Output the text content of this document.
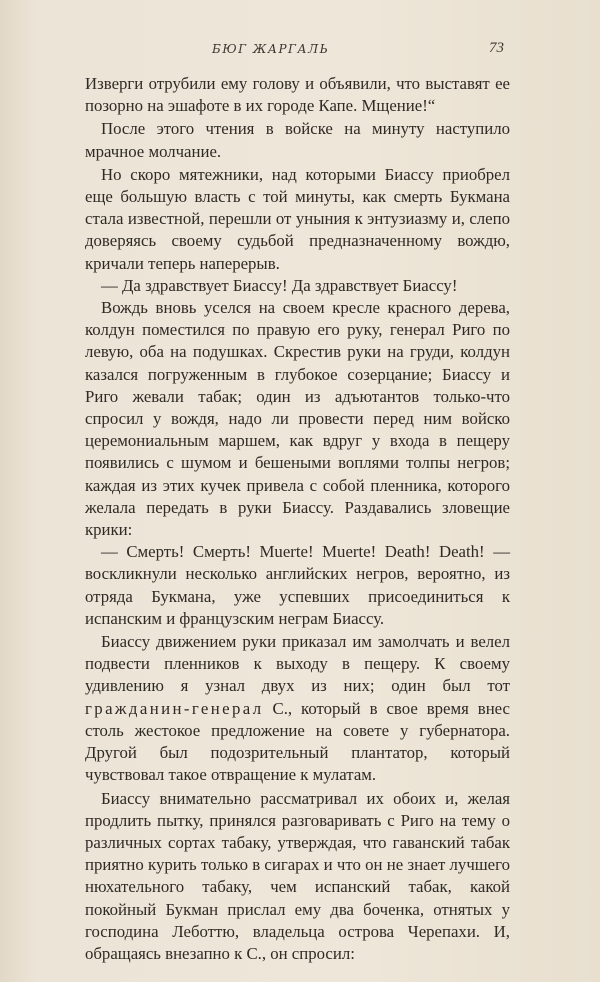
БЮГ ЖАРГАЛЬ	73

Изверги отрубили ему голову и объявили, что выставят ее позорно на эшафоте в их городе Капе. Мщение!“

После этого чтения в войске на минуту наступило мрачное молчание.

Но скоро мятежники, над которыми Биассу приобрел еще большую власть с той минуты, как смерть Букмана стала известной, перешли от уныния к энтузиазму и, слепо доверяясь своему судьбой предназначенному вождю, кричали теперь наперерыв.

— Да здравствует Биассу! Да здравствует Биассу!

Вождь вновь уселся на своем кресле красного дерева, колдун поместился по правую его руку, генерал Риго по левую, оба на подушках. Скрестив руки на груди, колдун казался погруженным в глубокое созерцание; Биассу и Риго жевали табак; один из адъютантов только-что спросил у вождя, надо ли провести перед ним войско церемониальным маршем, как вдруг у входа в пещеру появились с шумом и бешеными воплями толпы негров; каждая из этих кучек привела с собой пленника, которого желала передать в руки Биассу. Раздавались зловещие крики:

— Смерть! Смерть! Muerte! Muerte! Death! Death! — воскликнули несколько английских негров, вероятно, из отряда Букмана, уже успевших присоединиться к испанским и французским неграм Биассу.

Биассу движением руки приказал им замолчать и велел подвести пленников к выходу в пещеру. К своему удивлению я узнал двух из них; один был тот гражданин-генерал С., который в свое время внес столь жестокое предложение на совете у губернатора. Другой был подозрительный плантатор, который чувствовал такое отвращение к мулатам.

Биассу внимательно рассматривал их обоих и, желая продлить пытку, принялся разговаривать с Риго на тему о различных сортах табаку, утверждая, что гаванский табак приятно курить только в сигарах и что он не знает лучшего нюхательного табаку, чем испанский табак, какой покойный Букман прислал ему два боченка, отнятых у господина Леботтю, владельца острова Черепахи. И, обращаясь внезапно к С., он спросил:
